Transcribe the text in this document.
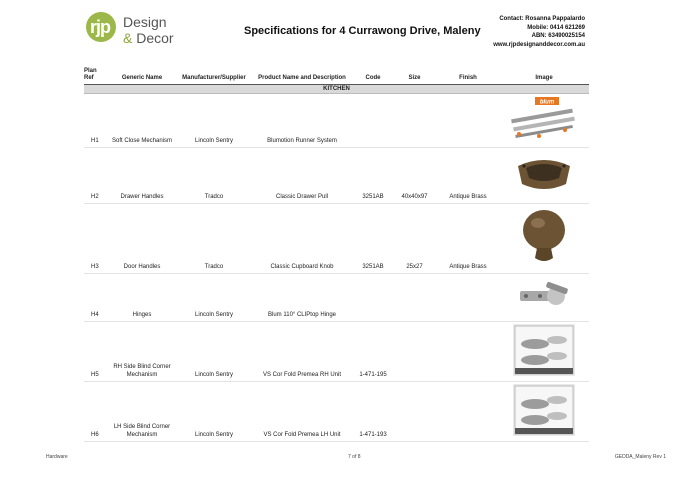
rjp Design
& Decor	Specifications for 4 Currawong Drive, Maleny
Contact: Rosanna Pappalardo
Mobile: 0414 621269
ABN: 63490025154
www.rjpdesignanddecor.com.au
Plan Ref	Generic Name	Manufacturer/Supplier	Product Name and Description	Code	Size	Finish	Image
KITCHEN							
H1	Soft Close Mechanism	Lincoln Sentry	Blumotion Runner System				blum

H2	Drawer Handles	Tradco	Classic Drawer Pull	3251AB	40x40x97	Antique Brass	
H3	Door Handles	Tradco	Classic Cupboard Knob	3251AB	25x27	Antique Brass	
H4	Hinges	Lincoln Sentry	Blum 110° CLIPtop Hinge				
H5	RH Side Blind Corner Mechanism	Lincoln Sentry	VS Cor Fold Premea RH Unit	1-471-195			
H6	LH Side Blind Corner Mechanism	Lincoln Sentry	VS Cor Fold Premea LH Unit	1-471-193			
Hardware	7 of 8	GEDDA_Maleny Rev 1
